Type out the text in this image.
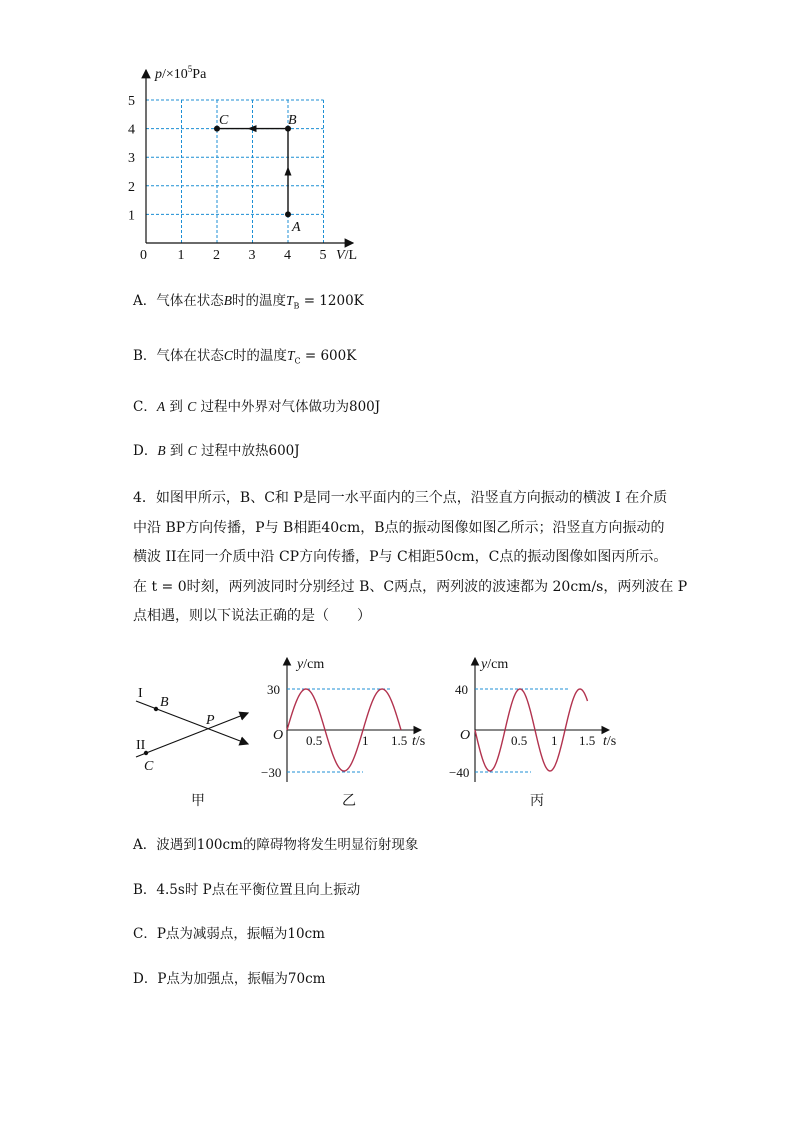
$p/\times 10^5Pa$
V/L
0 1 2 3 4 5
1
2
3
4
5
A
B
C
A．气体在状态B时的温度$T_B = 1200K$
B．气体在状态C时的温度$T_C = 600K$
C．A 到 C 过程中外界对气体做功为800J
D．B 到 C 过程中放热600J

4．如图甲所示，B、C和 P是同一水平面内的三个点，沿竖直方向振动的横波 I 在介质

中沿 BP方向传播，P与 B相距40cm，B点的振动图像如图乙所示；沿竖直方向振动的

横波 II在同一介质中沿 CP方向传播，P与 C相距50cm，C点的振动图像如图丙所示。

在 t = 0时刻，两列波同时分别经过 B、C两点，两列波的波速都为 20cm/s，两列波在 P

点相遇，则以下说法正确的是（　　）

I
B
P
II
C
甲
y/cm
30
O
−30
0.5	1 1.5 t/s
乙
y/cm
40
O
−40
0.5 1 1.5 t/s
丙
A．波遇到100cm的障碍物将发生明显衍射现象
B．4.5s时 P点在平衡位置且向上振动
C．P点为减弱点，振幅为10cm
D．P点为加强点，振幅为70cm
